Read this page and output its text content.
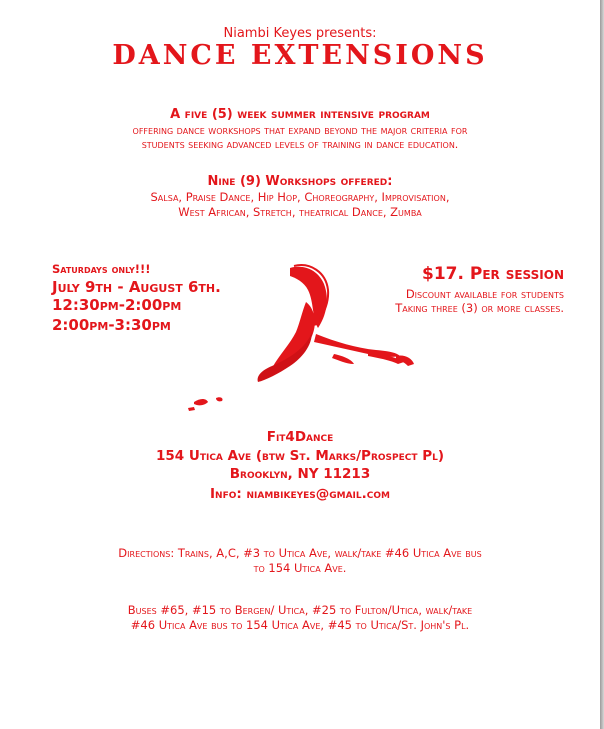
Niambi Keyes presents:
DANCE EXTENSIONS
A five (5) week summer intensive program
offering dance workshops that expand beyond the major criteria for
students seeking advanced levels of training in dance education.
Nine (9) Workshops offered:
Salsa, Praise Dance, Hip Hop, Choreography, Improvisation,
West African, Stretch, theatrical Dance, Zumba
Saturdays only!!!
July 9th - August 6th.
12:30pm-2:00pm
2:00pm-3:30pm
$17. Per session
Discount available for students
Taking three (3) or more classes.
Fit4Dance
154 Utica Ave (btw St. Marks/Prospect Pl)
Brooklyn, NY 11213
Info: niambikeyes@gmail.com
Directions: Trains, A,C, #3 to Utica Ave, walk/take #46 Utica Ave bus
to 154 Utica Ave.
Buses #65, #15 to Bergen/ Utica, #25 to Fulton/Utica, walk/take
#46 Utica Ave bus to 154 Utica Ave, #45 to Utica/St. John's Pl.
